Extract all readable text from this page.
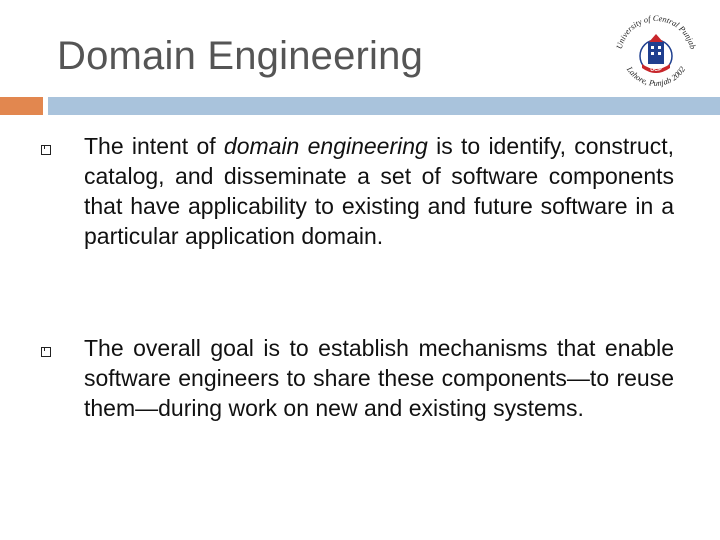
Domain Engineering	University of Central Punjab
Lahore, Punjab 2002
UCP
The intent of domain engineering is to identify, construct, catalog, and disseminate a set of software components that have applicability to existing and future software in a particular application domain.
The overall goal is to establish mechanisms that enable software engineers to share these components—to reuse them—during work on new and existing systems.
